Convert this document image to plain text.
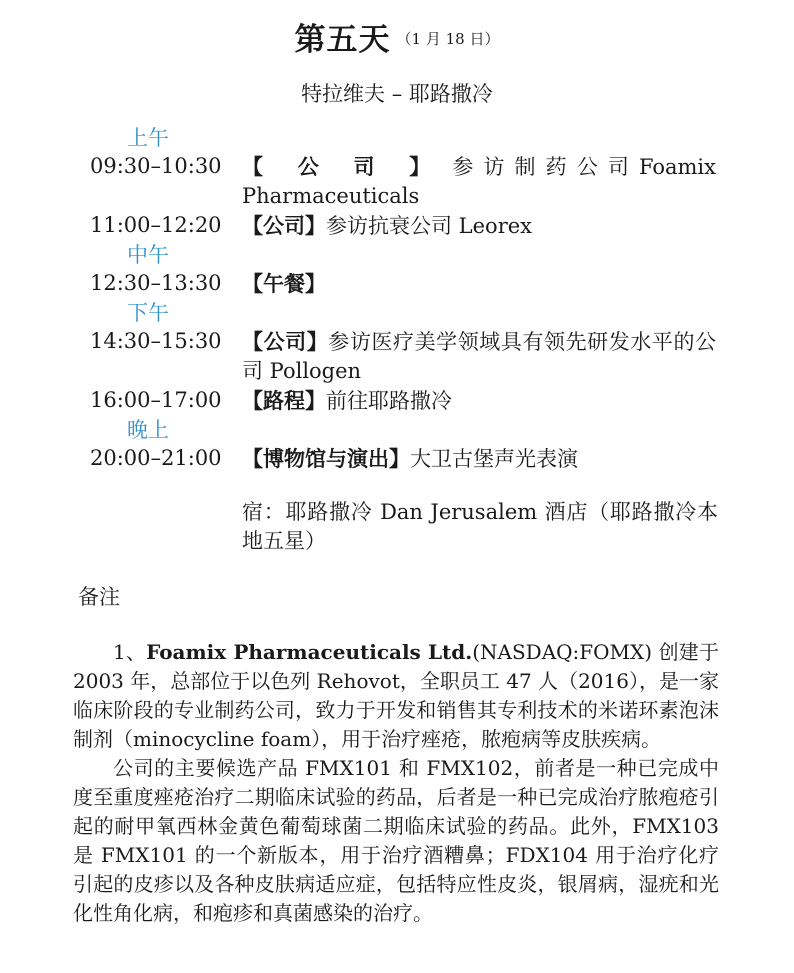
第五天 （1 月 18 日）
特拉维夫 – 耶路撒冷
上午
09:30–10:30 【 公 司 】 参 访 制 药 公 司 Foamix Pharmaceuticals
11:00–12:20 【公司】参访抗衰公司 Leorex
中午
12:30–13:30 【午餐】
下午
14:30–15:30 【公司】参访医疗美学领域具有领先研发水平的公司 Pollogen
16:00–17:00 【路程】前往耶路撒冷
晚上
20:00–21:00 【博物馆与演出】大卫古堡声光表演
宿：耶路撒冷 Dan Jerusalem 酒店（耶路撒冷本地五星）
备注

1、Foamix Pharmaceuticals Ltd.(NASDAQ:FOMX) 创建于 2003 年，总部位于以色列 Rehovot，全职员工 47 人（2016），是一家临床阶段的专业制药公司，致力于开发和销售其专利技术的米诺环素泡沫制剂（minocycline foam），用于治疗痤疮，脓疱病等皮肤疾病。

公司的主要候选产品 FMX101 和 FMX102，前者是一种已完成中度至重度痤疮治疗二期临床试验的药品，后者是一种已完成治疗脓疱疮引起的耐甲氧西林金黄色葡萄球菌二期临床试验的药品。此外，FMX103 是 FMX101 的一个新版本，用于治疗酒糟鼻；FDX104 用于治疗化疗引起的皮疹以及各种皮肤病适应症，包括特应性皮炎，银屑病，湿疣和光化性角化病，和疱疹和真菌感染的治疗。
